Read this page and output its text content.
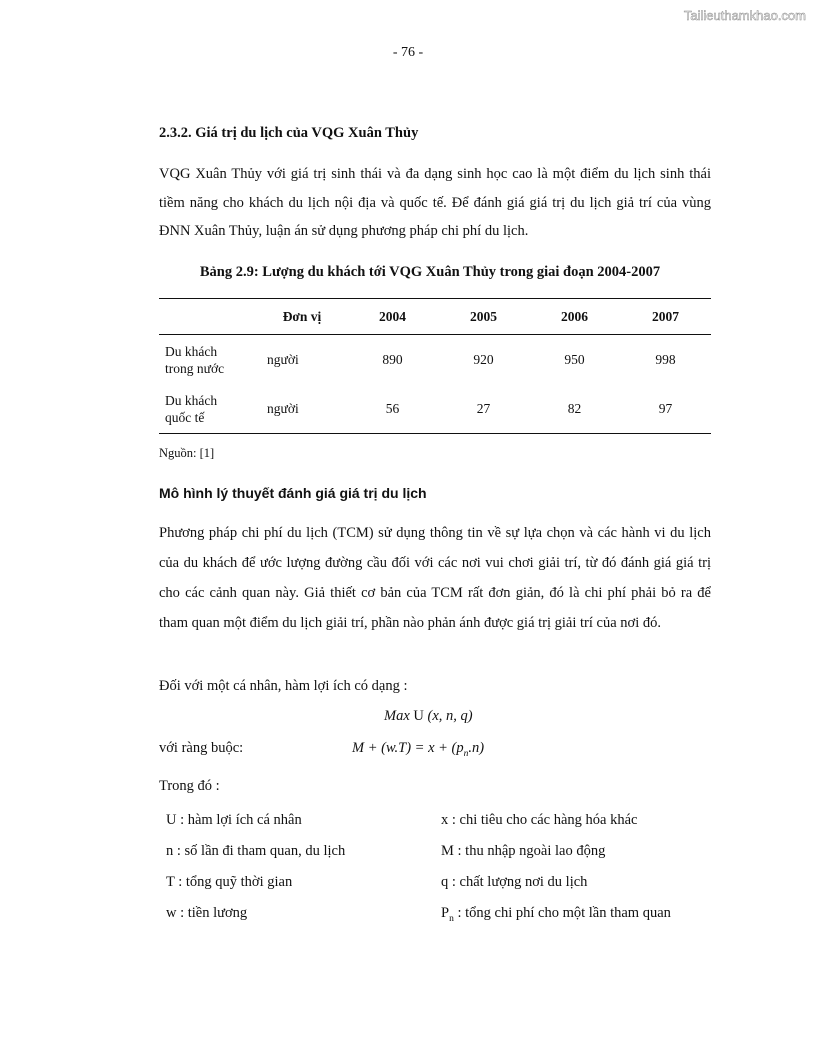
Tailieuthamkhao.com
- 76 -
2.3.2. Giá trị du lịch của VQG Xuân Thủy

VQG Xuân Thủy với giá trị sinh thái và đa dạng sinh học cao là một điểm du lịch sinh thái tiềm năng cho khách du lịch nội địa và quốc tế. Để đánh giá giá trị du lịch giả trí của vùng ĐNN Xuân Thủy, luận án sử dụng phương pháp chi phí du lịch.

Bảng 2.9: Lượng du khách tới VQG Xuân Thủy trong giai đoạn 2004-2007
	Đơn vị	2004	2005	2006	2007
Du khách
trong nước	người	890	920	950	998
Du khách
quốc tế	người	56	27	82	97
Nguồn: [1]
Mô hình lý thuyết đánh giá giá trị du lịch

Phương pháp chi phí du lịch (TCM) sử dụng thông tin về sự lựa chọn và các hành vi du lịch của du khách để ước lượng đường cầu đối với các nơi vui chơi giải trí, từ đó đánh giá giá trị cho các cảnh quan này. Giả thiết cơ bản của TCM rất đơn giản, đó là chi phí phải bỏ ra để tham quan một điểm du lịch giải trí, phần nào phản ánh được giá trị giải trí của nơi đó.

Đối với một cá nhân, hàm lợi ích có dạng :

Max U (x, n, q)
với ràng buộc:	$M + (w.T) = x + (p_n.n)$
Trong đó :
U : hàm lợi ích cá nhân
n : số lần đi tham quan, du lịch
T : tổng quỹ thời gian
w : tiền lương
x : chi tiêu cho các hàng hóa khác
M : thu nhập ngoài lao động
q : chất lượng nơi du lịch
$P_n$ : tổng chi phí cho một lần tham quan
